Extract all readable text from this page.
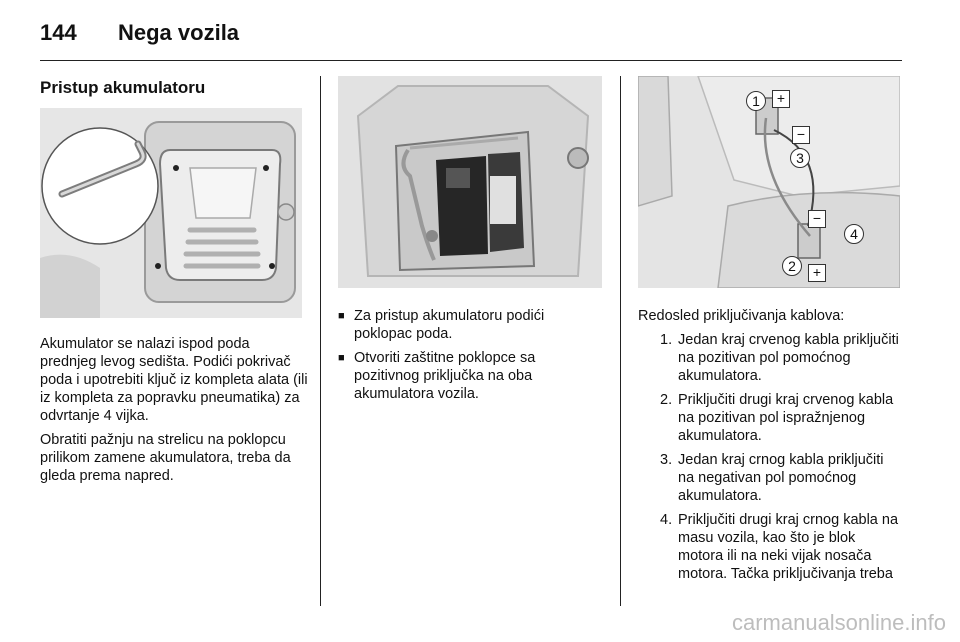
144 Nega vozila
Pristup akumulatoru
1	+
−
3
−
4
2	+

Akumulator se nalazi ispod poda prednjeg levog sedišta. Podići pokrivač poda i upotrebiti ključ iz kompleta alata (ili iz kompleta za popravku pneumatika) za odvrtanje 4 vijka.

Obratiti pažnju na strelicu na poklopcu prilikom zamene akumulatora, treba da gleda prema napred.

■ Za pristup akumulatoru podići poklopac poda.
■ Otvoriti zaštitne poklopce sa pozitivnog priključka na oba akumulatora vozila.

Redosled priključivanja kablova:

1. Jedan kraj crvenog kabla priključiti na pozitivan pol pomoćnog akumulatora.
2. Priključiti drugi kraj crvenog kabla na pozitivan pol ispražnjenog akumulatora.
3. Jedan kraj crnog kabla priključiti na negativan pol pomoćnog akumulatora.
4. Priključiti drugi kraj crnog kabla na masu vozila, kao što je blok motora ili na neki vijak nosača motora. Tačka priključivanja treba
carmanualsonline.info
